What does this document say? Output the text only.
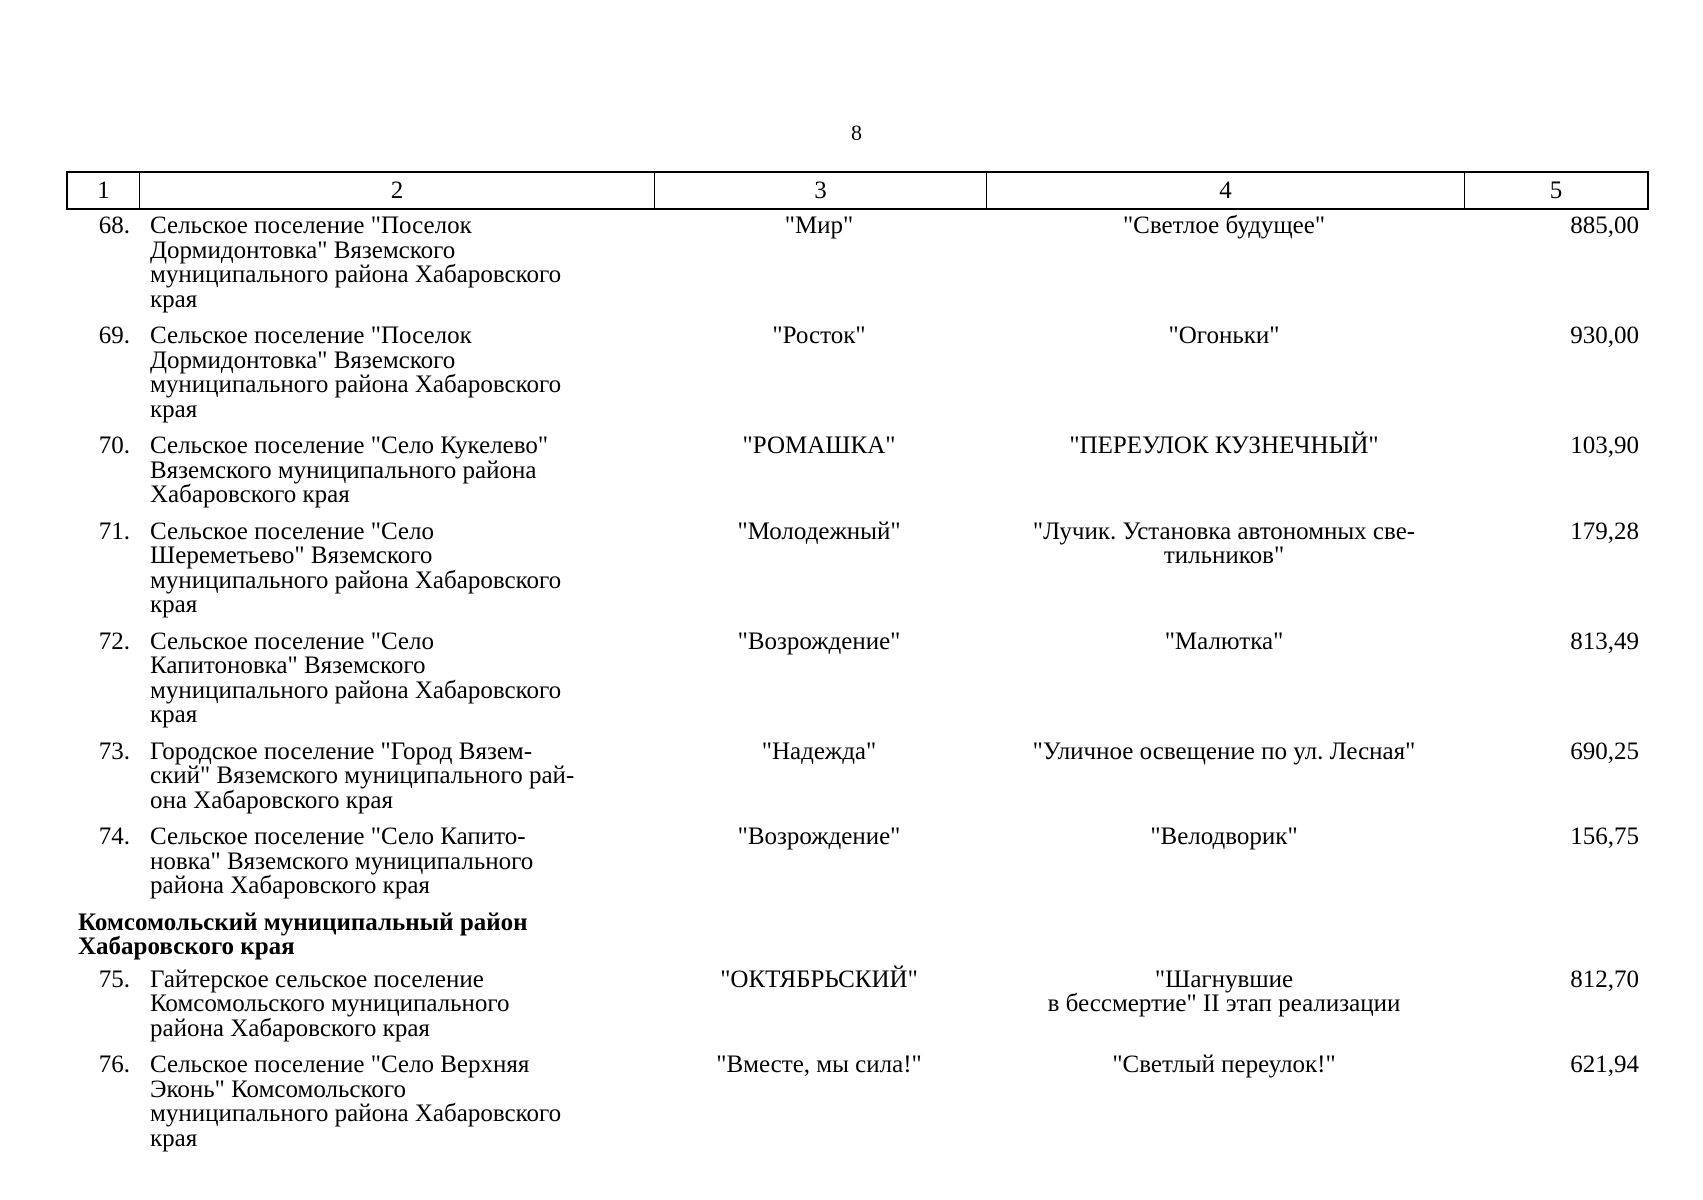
8
1	2	3	4	5
68. Сельское поселение "Поселок
Дормидонтовка" Вяземского
муниципального района Хабаровского
края
"Мир"	"Светлое будущее"	885,00
69. Сельское поселение "Поселок
Дормидонтовка" Вяземского
муниципального района Хабаровского
края
"Росток"	"Огоньки"	930,00
70. Сельское поселение "Село Кукелево"
Вяземского муниципального района
Хабаровского края
"РОМАШКА"	"ПЕРЕУЛОК КУЗНЕЧНЫЙ"	103,90
71. Сельское поселение "Село
Шереметьево" Вяземского
муниципального района Хабаровского
края
"Молодежный"	"Лучик. Установка автономных све-
тильников"
179,28
72. Сельское поселение "Село
Капитоновка" Вяземского
муниципального района Хабаровского
края
"Возрождение"	"Малютка"	813,49
73. Городское поселение "Город Вязем-
ский" Вяземского муниципального рай-
она Хабаровского края
"Надежда"	"Уличное освещение по ул. Лесная"	690,25
74. Сельское поселение "Село Капито-
новка" Вяземского муниципального
района Хабаровского края
"Возрождение"	"Велодворик"	156,75
Комсомольский муниципальный район
Хабаровского края
75. Гайтерское сельское поселение
Комсомольского муниципального
района Хабаровского края
"ОКТЯБРЬСКИЙ"	"Шагнувшие
в бессмертие" II этап реализации
812,70
76. Сельское поселение "Село Верхняя
Эконь" Комсомольского
муниципального района Хабаровского
края
"Вместе, мы сила!"	"Светлый переулок!"	621,94
